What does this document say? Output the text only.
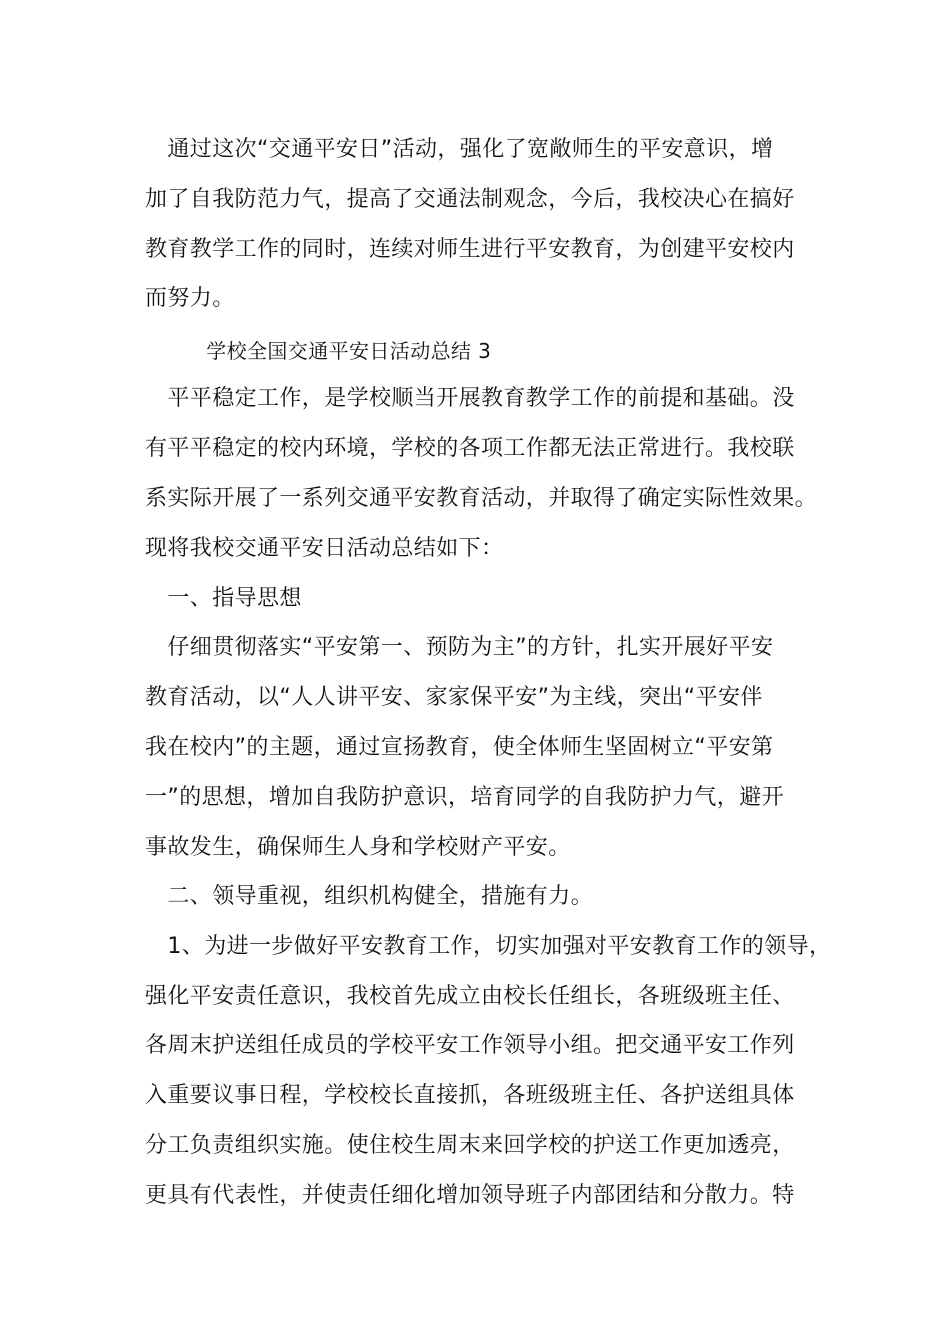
　通过这次“交通平安日”活动，强化了宽敞师生的平安意识，增
加了自我防范力气，提高了交通法制观念，今后，我校决心在搞好
教育教学工作的同时，连续对师生进行平安教育，为创建平安校内
而努力。
　　　学校全国交通平安日活动总结 3
　平平稳定工作，是学校顺当开展教育教学工作的前提和基础。没
有平平稳定的校内环境，学校的各项工作都无法正常进行。我校联
系实际开展了一系列交通平安教育活动，并取得了确定实际性效果。
现将我校交通平安日活动总结如下：
　一、指导思想
　仔细贯彻落实“平安第一、预防为主”的方针，扎实开展好平安
教育活动，以“人人讲平安、家家保平安”为主线，突出“平安伴
我在校内”的主题，通过宣扬教育，使全体师生坚固树立“平安第
一”的思想，增加自我防护意识，培育同学的自我防护力气，避开
事故发生，确保师生人身和学校财产平安。
　二、领导重视，组织机构健全，措施有力。
　1、为进一步做好平安教育工作，切实加强对平安教育工作的领导，
强化平安责任意识，我校首先成立由校长任组长，各班级班主任、
各周末护送组任成员的学校平安工作领导小组。把交通平安工作列
入重要议事日程，学校校长直接抓，各班级班主任、各护送组具体
分工负责组织实施。使住校生周末来回学校的护送工作更加透亮，
更具有代表性，并使责任细化增加领导班子内部团结和分散力。特
